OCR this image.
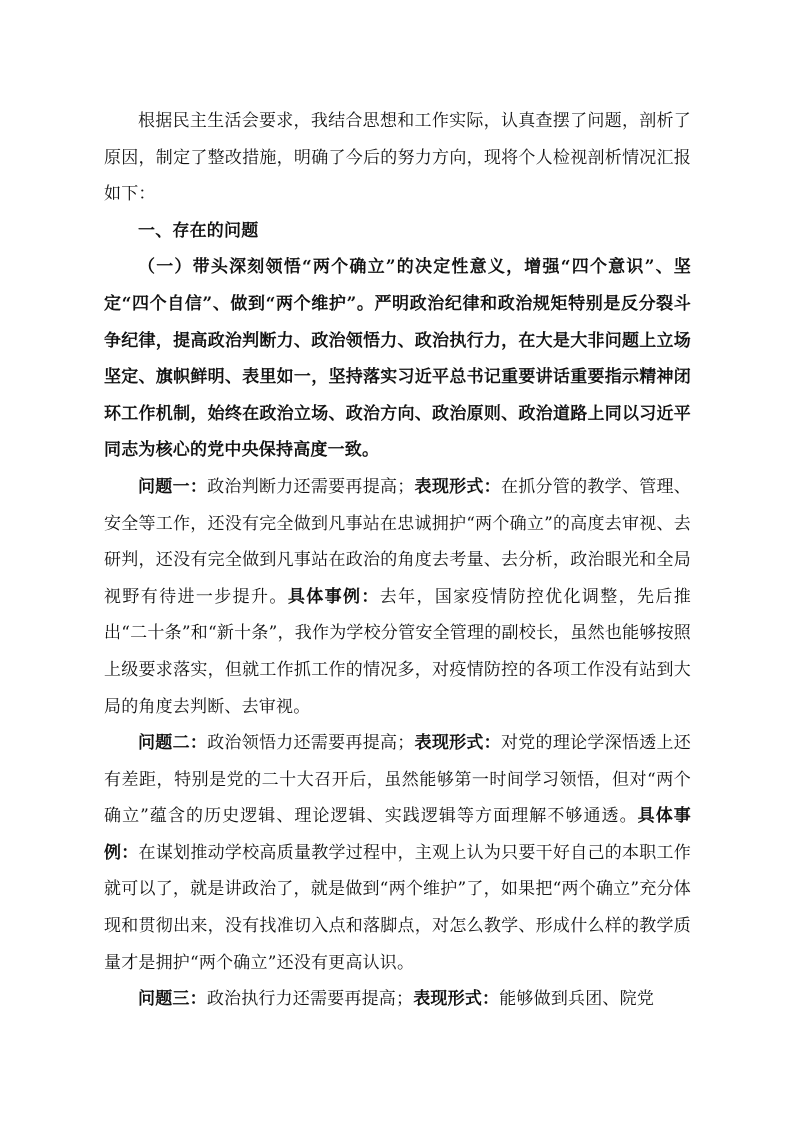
根据民主生活会要求，我结合思想和工作实际，认真查摆了问题，剖析了原因，制定了整改措施，明确了今后的努力方向，现将个人检视剖析情况汇报如下：

一、存在的问题

（一）带头深刻领悟“两个确立”的决定性意义，增强“四个意识”、坚定“四个自信”、做到“两个维护”。严明政治纪律和政治规矩特别是反分裂斗争纪律，提高政治判断力、政治领悟力、政治执行力，在大是大非问题上立场坚定、旗帜鲜明、表里如一，坚持落实习近平总书记重要讲话重要指示精神闭环工作机制，始终在政治立场、政治方向、政治原则、政治道路上同以习近平同志为核心的党中央保持高度一致。

问题一：政治判断力还需要再提高；表现形式：在抓分管的教学、管理、安全等工作，还没有完全做到凡事站在忠诚拥护“两个确立”的高度去审视、去研判，还没有完全做到凡事站在政治的角度去考量、去分析，政治眼光和全局视野有待进一步提升。具体事例：去年，国家疫情防控优化调整，先后推出“二十条”和“新十条”，我作为学校分管安全管理的副校长，虽然也能够按照上级要求落实，但就工作抓工作的情况多，对疫情防控的各项工作没有站到大局的角度去判断、去审视。

问题二：政治领悟力还需要再提高；表现形式：对党的理论学深悟透上还有差距，特别是党的二十大召开后，虽然能够第一时间学习领悟，但对“两个确立”蕴含的历史逻辑、理论逻辑、实践逻辑等方面理解不够通透。具体事例：在谋划推动学校高质量教学过程中，主观上认为只要干好自己的本职工作就可以了，就是讲政治了，就是做到“两个维护”了，如果把“两个确立”充分体现和贯彻出来，没有找准切入点和落脚点，对怎么教学、形成什么样的教学质量才是拥护“两个确立”还没有更高认识。

问题三：政治执行力还需要再提高；表现形式：能够做到兵团、院党
